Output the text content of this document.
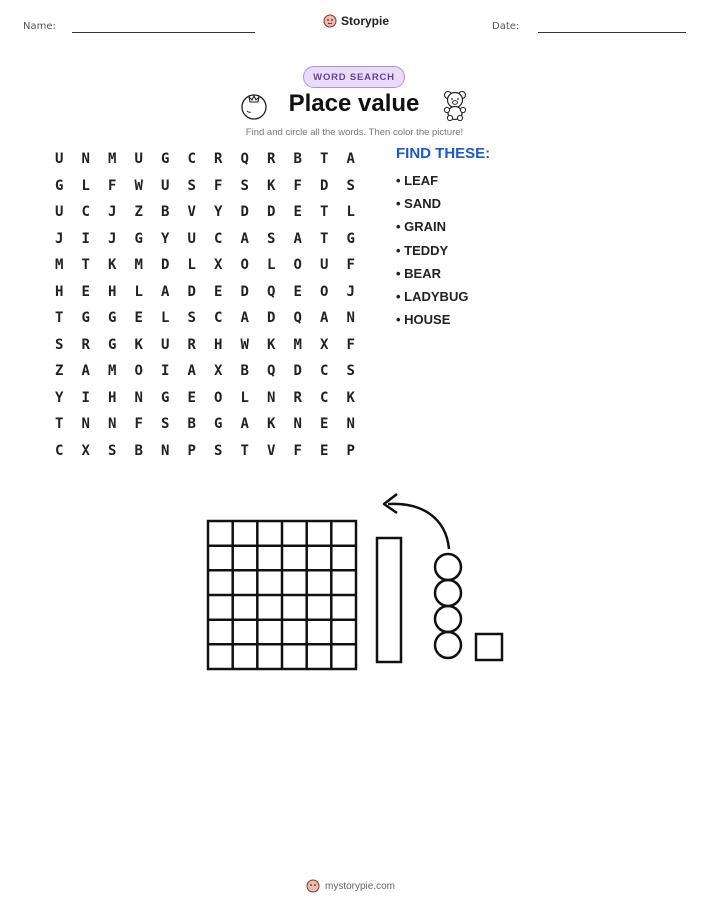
Name:	Storypie	Date:
WORD SEARCH
Place value
Find and circle all the words. Then color the picture!
U	N	M	U	G	C	R	Q	R	B	T	A
G	L	F	W	U	S	F	S	K	F	D	S
U	C	J	Z	B	V	Y	D	D	E	T	L
J	I	J	G	Y	U	C	A	S	A	T	G
M	T	K	M	D	L	X	O	L	O	U	F
H	E	H	L	A	D	E	D	Q	E	O	J
T	G	G	E	L	S	C	A	D	Q	A	N
S	R	G	K	U	R	H	W	K	M	X	F
Z	A	M	O	I	A	X	B	Q	D	C	S
Y	I	H	N	G	E	O	L	N	R	C	K
T	N	N	F	S	B	G	A	K	N	E	N
C	X	S	B	N	P	S	T	V	F	E	P
FIND THESE:
• LEAF
• SAND
• GRAIN
• TEDDY
• BEAR
• LADYBUG
• HOUSE
mystorypie.com
